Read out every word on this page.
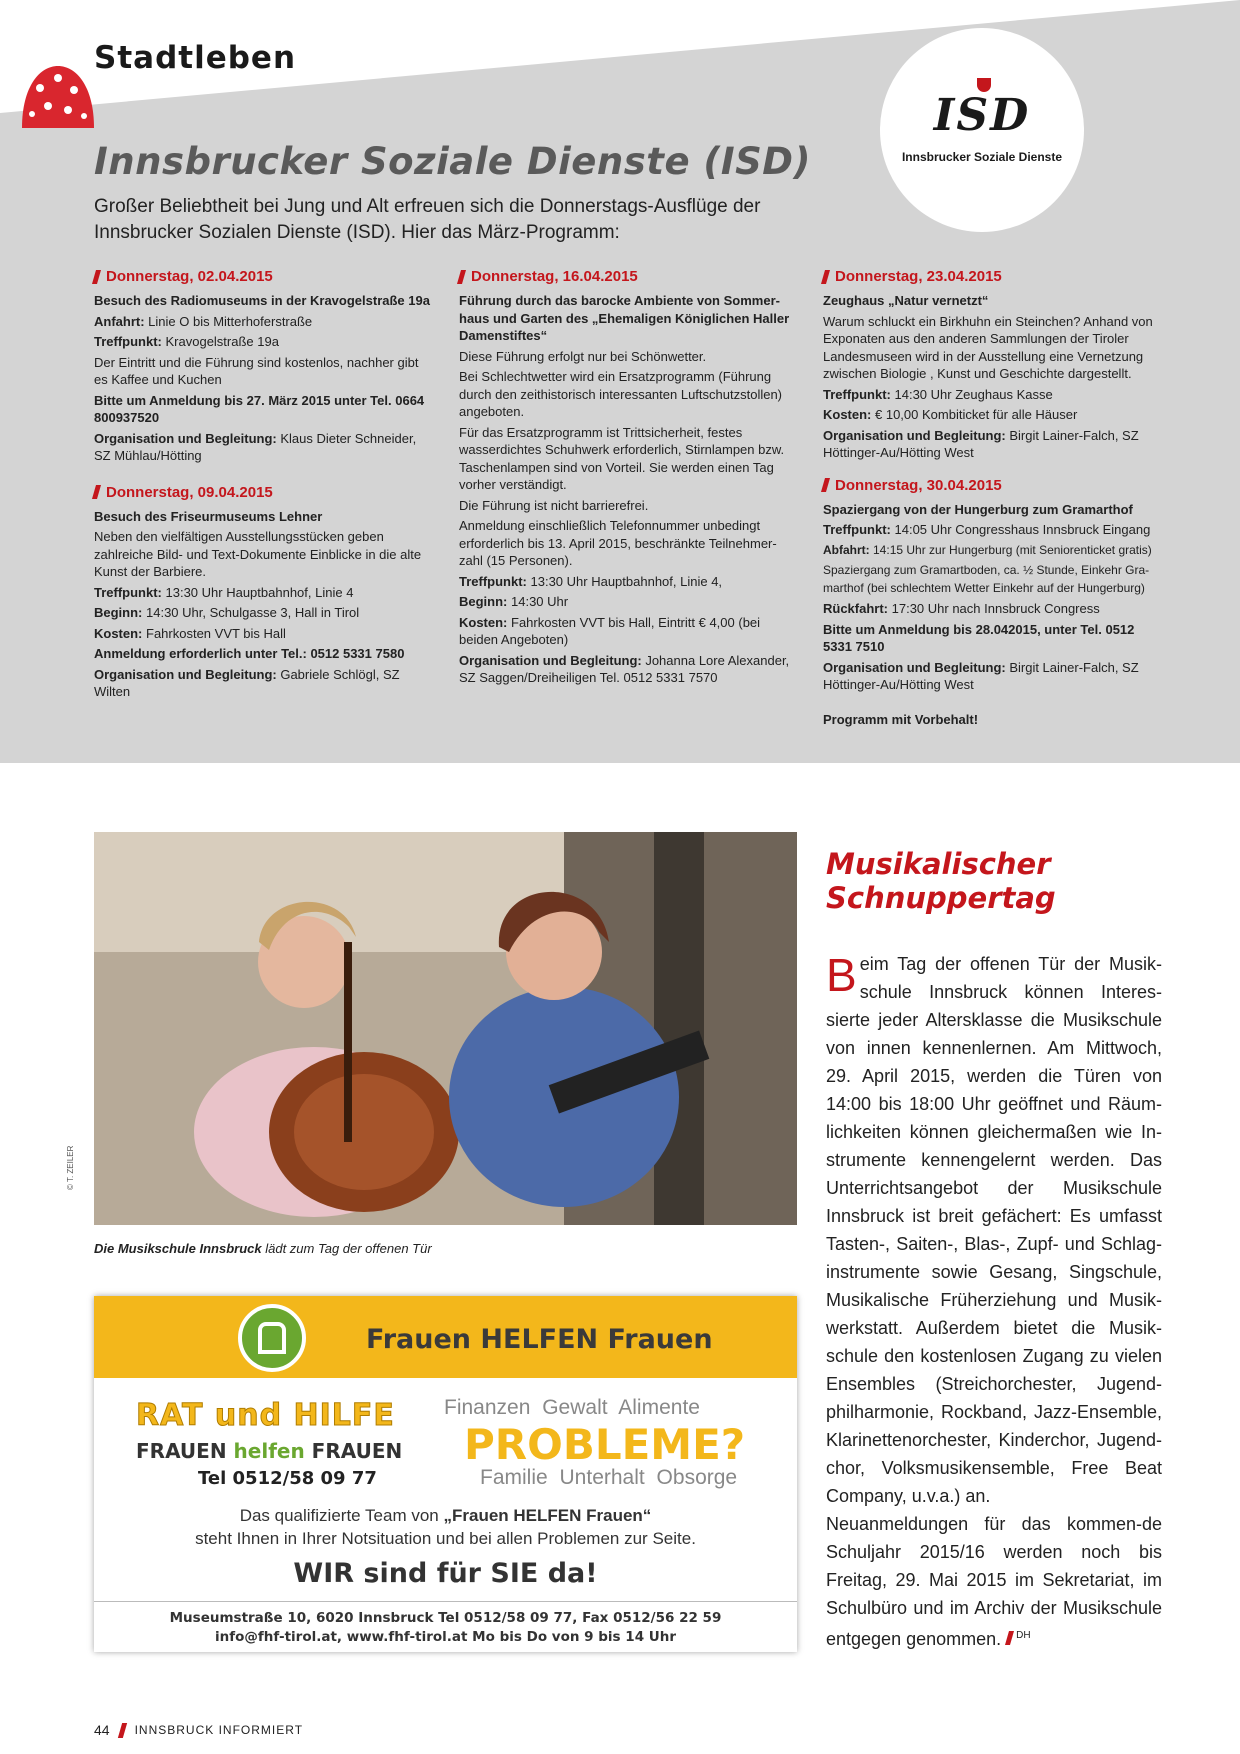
Stadtleben
ISD
Innsbrucker Soziale Dienste
Innsbrucker Soziale Dienste (ISD)
Großer Beliebtheit bei Jung und Alt erfreuen sich die Donnerstags-Ausflüge der Innsbrucker Sozialen Dienste (ISD). Hier das März-Programm:
Donnerstag, 02.04.2015
Besuch des Radiomuseums in der Kravogelstraße 19a
Anfahrt: Linie O bis Mitterhoferstraße
Treffpunkt: Kravogelstraße 19a
Der Eintritt und die Führung sind kostenlos, nachher gibt es Kaffee und Kuchen
Bitte um Anmeldung bis 27. März 2015 unter Tel. 0664 800937520
Organisation und Begleitung: Klaus Dieter Schneider, SZ Mühlau/Hötting
Donnerstag, 09.04.2015
Besuch des Friseurmuseums Lehner
Neben den vielfältigen Ausstellungsstücken geben zahlreiche Bild- und Text-Dokumente Einblicke in die alte Kunst der Barbiere.
Treffpunkt: 13:30 Uhr Hauptbahnhof, Linie 4
Beginn: 14:30 Uhr, Schulgasse 3, Hall in Tirol
Kosten: Fahrkosten VVT bis Hall
Anmeldung erforderlich unter Tel.: 0512 5331 7580
Organisation und Begleitung: Gabriele Schlögl, SZ Wilten
Donnerstag, 16.04.2015
Führung durch das barocke Ambiente von Sommer-haus und Garten des „Ehemaligen Königlichen Haller Damenstiftes“
Diese Führung erfolgt nur bei Schönwetter.
Bei Schlechtwetter wird ein Ersatzprogramm (Führung durch den zeithistorisch interessanten Luftschutzstollen) angeboten.
Für das Ersatzprogramm ist Trittsicherheit, festes wasserdichtes Schuhwerk erforderlich, Stirnlampen bzw. Taschenlampen sind von Vorteil. Sie werden einen Tag vorher verständigt.
Die Führung ist nicht barrierefrei.
Anmeldung einschließlich Telefonnummer unbedingt erforderlich bis 13. April 2015, beschränkte Teilnehmer-zahl (15 Personen).
Treffpunkt: 13:30 Uhr Hauptbahnhof, Linie 4,
Beginn: 14:30 Uhr
Kosten: Fahrkosten VVT bis Hall, Eintritt € 4,00 (bei beiden Angeboten)
Organisation und Begleitung: Johanna Lore Alexander, SZ Saggen/Dreiheiligen Tel. 0512 5331 7570
Donnerstag, 23.04.2015
Zeughaus „Natur vernetzt“
Warum schluckt ein Birkhuhn ein Steinchen? Anhand von Exponaten aus den anderen Sammlungen der Tiroler Landesmuseen wird in der Ausstellung eine Vernetzung zwischen Biologie , Kunst und Geschichte dargestellt.
Treffpunkt: 14:30 Uhr Zeughaus Kasse
Kosten: € 10,00 Kombiticket für alle Häuser
Organisation und Begleitung: Birgit Lainer-Falch, SZ Höttinger-Au/Hötting West
Donnerstag, 30.04.2015
Spaziergang von der Hungerburg zum Gramarthof
Treffpunkt: 14:05 Uhr Congresshaus Innsbruck Eingang
Abfahrt: 14:15 Uhr zur Hungerburg (mit Seniorenticket gratis)
Spaziergang zum Gramartboden, ca. ½ Stunde, Einkehr Gra-marthof (bei schlechtem Wetter Einkehr auf der Hungerburg)
Rückfahrt: 17:30 Uhr nach Innsbruck Congress
Bitte um Anmeldung bis 28.042015, unter Tel. 0512 5331 7510
Organisation und Begleitung: Birgit Lainer-Falch, SZ Höttinger-Au/Hötting West
Programm mit Vorbehalt!
© T. ZEILER
Die Musikschule Innsbruck lädt zum Tag der offenen Tür
Frauen HELFEN Frauen
RAT und HILFE
FRAUEN helfen FRAUEN
Tel 0512/58 09 77
Finanzen Gewalt Alimente
PROBLEME?
Familie Unterhalt Obsorge
Das qualifizierte Team von „Frauen HELFEN Frauen“
steht Ihnen in Ihrer Notsituation und bei allen Problemen zur Seite.
WIR sind für SIE da!
Museumstraße 10, 6020 Innsbruck Tel 0512/58 09 77, Fax 0512/56 22 59
info@fhf-tirol.at, www.fhf-tirol.at Mo bis Do von 9 bis 14 Uhr
Musikalischer
Schnuppertag
Beim Tag der offenen Tür der Musik-schule Innsbruck können Interes-sierte jeder Altersklasse die Musikschule von innen kennenlernen. Am Mittwoch, 29. April 2015, werden die Türen von 14:00 bis 18:00 Uhr geöffnet und Räum-lichkeiten können gleichermaßen wie In-strumente kennengelernt werden. Das Unterrichtsangebot der Musikschule Innsbruck ist breit gefächert: Es umfasst Tasten-, Saiten-, Blas-, Zupf- und Schlag-instrumente sowie Gesang, Singschule, Musikalische Früherziehung und Musik-werkstatt. Außerdem bietet die Musik-schule den kostenlosen Zugang zu vielen Ensembles (Streichorchester, Jugend-philharmonie, Rockband, Jazz-Ensemble, Klarinettenorchester, Kinderchor, Jugend-chor, Volksmusikensemble, Free Beat Company, u.v.a.) an.
Neuanmeldungen für das kommen-de Schuljahr 2015/16 werden noch bis Freitag, 29. Mai 2015 im Sekretariat, im Schulbüro und im Archiv der Musikschule entgegen genommen. $^{DH}$
44 INNSBRUCK INFORMIERT
